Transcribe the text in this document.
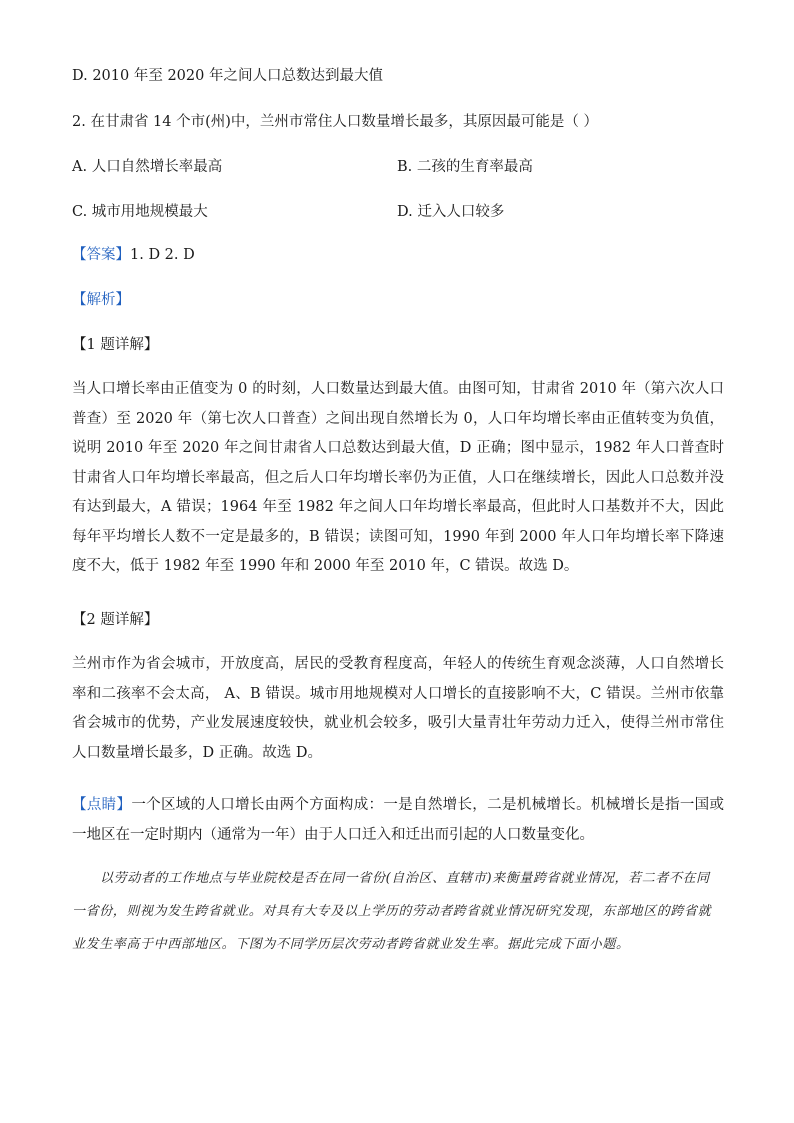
D. 2010 年至 2020 年之间人口总数达到最大值
2. 在甘肃省 14 个市(州)中，兰州市常住人口数量增长最多，其原因最可能是（ ）
A. 人口自然增长率最高	B. 二孩的生育率最高
C. 城市用地规模最大	D. 迁入人口较多
【答案】1. D 2. D
【解析】
【1 题详解】

当人口增长率由正值变为 0 的时刻，人口数量达到最大值。由图可知，甘肃省 2010 年（第六次人口普查）至 2020 年（第七次人口普查）之间出现自然增长为 0，人口年均增长率由正值转变为负值，说明 2010 年至 2020 年之间甘肃省人口总数达到最大值，D 正确；图中显示，1982 年人口普查时甘肃省人口年均增长率最高，但之后人口年均增长率仍为正值，人口在继续增长，因此人口总数并没有达到最大，A 错误；1964 年至 1982 年之间人口年均增长率最高，但此时人口基数并不大，因此每年平均增长人数不一定是最多的，B 错误；读图可知，1990 年到 2000 年人口年均增长率下降速度不大，低于 1982 年至 1990 年和 2000 年至 2010 年，C 错误。故选 D。

【2 题详解】

兰州市作为省会城市，开放度高，居民的受教育程度高，年轻人的传统生育观念淡薄，人口自然增长率和二孩率不会太高， A、B 错误。城市用地规模对人口增长的直接影响不大，C 错误。兰州市依靠省会城市的优势，产业发展速度较快，就业机会较多，吸引大量青壮年劳动力迁入，使得兰州市常住人口数量增长最多，D 正确。故选 D。

【点睛】一个区域的人口增长由两个方面构成：一是自然增长，二是机械增长。机械增长是指一国或一地区在一定时期内（通常为一年）由于人口迁入和迁出而引起的人口数量变化。

以劳动者的工作地点与毕业院校是否在同一省份(自治区、直辖市)来衡量跨省就业情况，若二者不在同一省份，则视为发生跨省就业。对具有大专及以上学历的劳动者跨省就业情况研究发现，东部地区的跨省就业发生率高于中西部地区。下图为不同学历层次劳动者跨省就业发生率。据此完成下面小题。
